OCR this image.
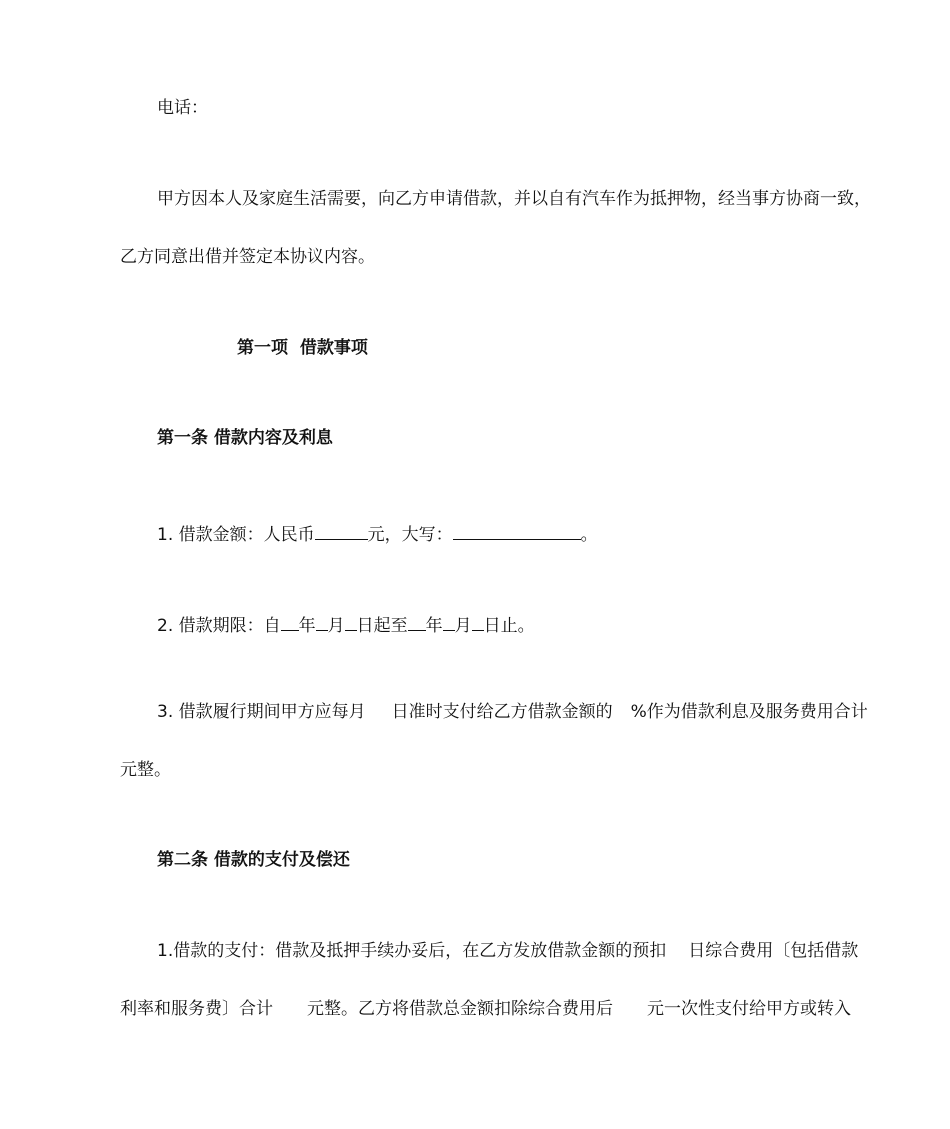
电话：
甲方因本人及家庭生活需要，向乙方申请借款，并以自有汽车作为抵押物，经当事方协商一致，
乙方同意出借并签定本协议内容。
第一项  借款事项
第一条 借款内容及利息
1. 借款金额：人民币	元，大写：	。
2. 借款期限：自 年 月 日起至 年 月 日止。
3. 借款履行期间甲方应每月 日准时支付给乙方借款金额的 %作为借款利息及服务费用合计
元整。
第二条 借款的支付及偿还
1.借款的支付：借款及抵押手续办妥后，在乙方发放借款金额的预扣 日综合费用〔包括借款
利率和服务费〕合计 元整。乙方将借款总金额扣除综合费用后 元一次性支付给甲方或转入
